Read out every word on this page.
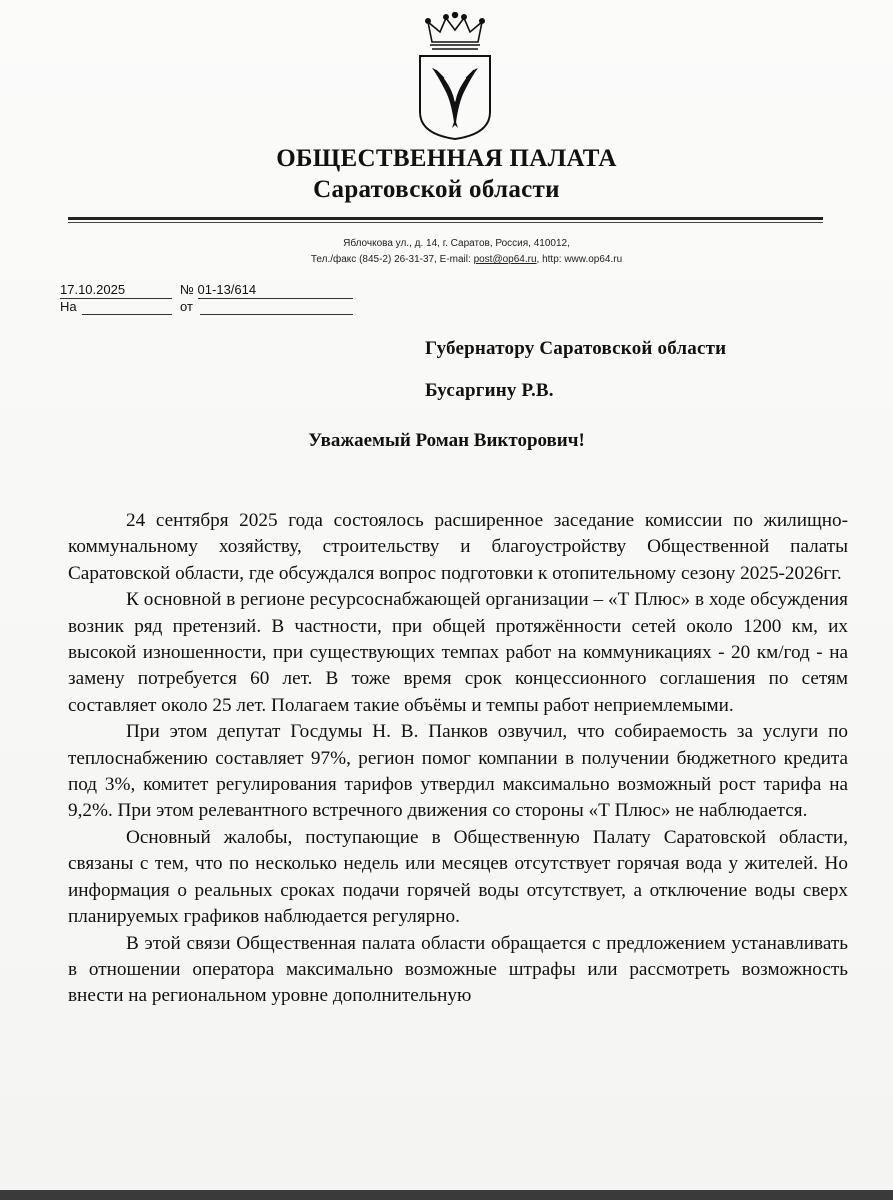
ОБЩЕСТВЕННАЯ ПАЛАТА
Саратовской области
Яблочкова ул., д. 14, г. Саратов, Россия, 410012,
Тел./факс (845-2) 26-31-37, E-mail: post@op64.ru, http: www.op64.ru
17.10.2025	№ 01-13/614
На	от
Губернатору Саратовской области
Бусаргину Р.В.
Уважаемый Роман Викторович!

24 сентября 2025 года состоялось расширенное заседание комиссии по жилищно-коммунальному хозяйству, строительству и благоустройству Общественной палаты Саратовской области, где обсуждался вопрос подготовки к отопительному сезону 2025-2026гг.

К основной в регионе ресурсоснабжающей организации – «Т Плюс» в ходе обсуждения возник ряд претензий. В частности, при общей протяжённости сетей около 1200 км, их высокой изношенности, при существующих темпах работ на коммуникациях - 20 км/год - на замену потребуется 60 лет. В тоже время срок концессионного соглашения по сетям составляет около 25 лет. Полагаем такие объёмы и темпы работ неприемлемыми.

При этом депутат Госдумы Н. В. Панков озвучил, что собираемость за услуги по теплоснабжению составляет 97%, регион помог компании в получении бюджетного кредита под 3%, комитет регулирования тарифов утвердил максимально возможный рост тарифа на 9,2%. При этом релевантного встречного движения со стороны «Т Плюс» не наблюдается.

Основный жалобы, поступающие в Общественную Палату Саратовской области, связаны с тем, что по несколько недель или месяцев отсутствует горячая вода у жителей. Но информация о реальных сроках подачи горячей воды отсутствует, а отключение воды сверх планируемых графиков наблюдается регулярно.

В этой связи Общественная палата области обращается с предложением устанавливать в отношении оператора максимально возможные штрафы или рассмотреть возможность внести на региональном уровне дополнительную
